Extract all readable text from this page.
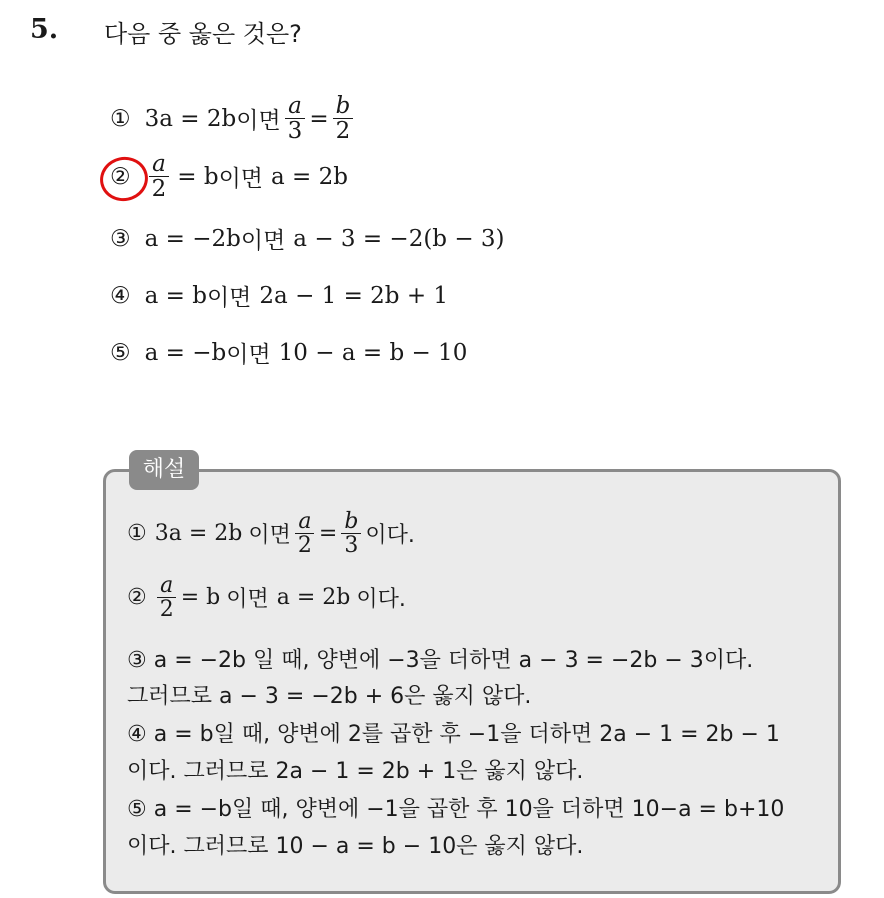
5. 다음 중 옳은 것은?
① 3a = 2b 이면 $\frac{a}{3} = \frac{b}{2}$
② $\frac{a}{2} = b$ 이면 a = 2b
③ a = −2b 이면 a − 3 = −2(b − 3)
④ a = b 이면 2a − 1 = 2b + 1
⑤ a = −b 이면 10 − a = b − 10
해설
① 3a = 2b 이면 $\frac{a}{2} = \frac{b}{3}$ 이다.
② $\frac{a}{2} = b$ 이면 a = 2b 이다.
③ a = −2b 일 때, 양변에 −3을 더하면 a − 3 = −2b − 3이다.
그러므로 a − 3 = −2b + 6은 옳지 않다.
④ a = b일 때, 양변에 2를 곱한 후 −1을 더하면 2a − 1 = 2b − 1
이다. 그러므로 2a − 1 = 2b + 1은 옳지 않다.
⑤ a = −b일 때, 양변에 −1을 곱한 후 10을 더하면 10−a = b+10
이다. 그러므로 10 − a = b − 10은 옳지 않다.
